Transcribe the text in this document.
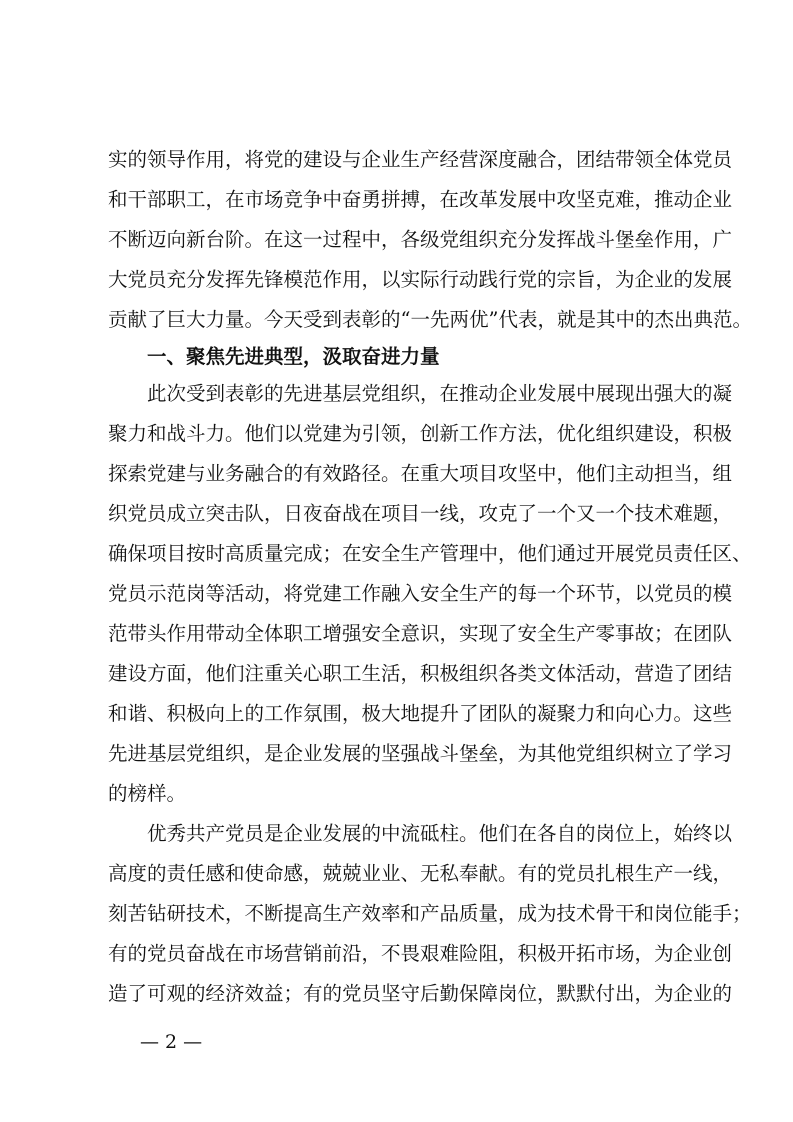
实的领导作用，将党的建设与企业生产经营深度融合，团结带领全体党员
和干部职工，在市场竞争中奋勇拼搏，在改革发展中攻坚克难，推动企业
不断迈向新台阶。在这一过程中，各级党组织充分发挥战斗堡垒作用，广
大党员充分发挥先锋模范作用，以实际行动践行党的宗旨，为企业的发展
贡献了巨大力量。今天受到表彰的“一先两优”代表，就是其中的杰出典范。
一、聚焦先进典型，汲取奋进力量
此次受到表彰的先进基层党组织，在推动企业发展中展现出强大的凝
聚力和战斗力。他们以党建为引领，创新工作方法，优化组织建设，积极
探索党建与业务融合的有效路径。在重大项目攻坚中，他们主动担当，组
织党员成立突击队，日夜奋战在项目一线，攻克了一个又一个技术难题，
确保项目按时高质量完成；在安全生产管理中，他们通过开展党员责任区、
党员示范岗等活动，将党建工作融入安全生产的每一个环节，以党员的模
范带头作用带动全体职工增强安全意识，实现了安全生产零事故；在团队
建设方面，他们注重关心职工生活，积极组织各类文体活动，营造了团结
和谐、积极向上的工作氛围，极大地提升了团队的凝聚力和向心力。这些
先进基层党组织，是企业发展的坚强战斗堡垒，为其他党组织树立了学习
的榜样。
优秀共产党员是企业发展的中流砥柱。他们在各自的岗位上，始终以
高度的责任感和使命感，兢兢业业、无私奉献。有的党员扎根生产一线，
刻苦钻研技术，不断提高生产效率和产品质量，成为技术骨干和岗位能手；
有的党员奋战在市场营销前沿，不畏艰难险阻，积极开拓市场，为企业创
造了可观的经济效益；有的党员坚守后勤保障岗位，默默付出，为企业的
— 2 —
